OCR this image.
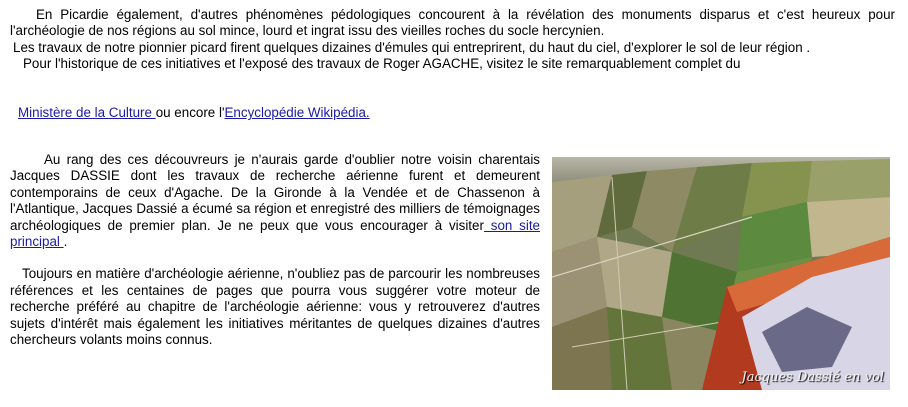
En Picardie également, d'autres phénomènes pédologiques concourent à la révélation des monuments disparus et c'est heureux pour l'archéologie de nos régions au sol mince, lourd et ingrat issu des vieilles roches du socle hercynien.

Les travaux de notre pionnier picard firent quelques dizaines d'émules qui entreprirent, du haut du ciel, d'explorer le sol de leur région .

Pour l'historique de ces initiatives et l'exposé des travaux de Roger AGACHE, visitez le site remarquablement complet du

Ministère de la Culture ou encore l'Encyclopédie Wikipédia.

Au rang des ces découvreurs je n'aurais garde d'oublier notre voisin charentais Jacques DASSIE dont les travaux de recherche aérienne furent et demeurent contemporains de ceux d'Agache. De la Gironde à la Vendée et de Chassenon à l'Atlantique, Jacques Dassié a écumé sa région et enregistré des milliers de témoignages archéologiques de premier plan. Je ne peux que vous encourager à visiter son site principal .

Toujours en matière d'archéologie aérienne, n'oubliez pas de parcourir les nombreuses références et les centaines de pages que pourra vous suggérer votre moteur de recherche préféré au chapitre de l'archéologie aérienne: vous y retrouverez d'autres sujets d'intérêt mais également les initiatives méritantes de quelques dizaines d'autres chercheurs volants moins connus.

Jacques Dassié en vol
